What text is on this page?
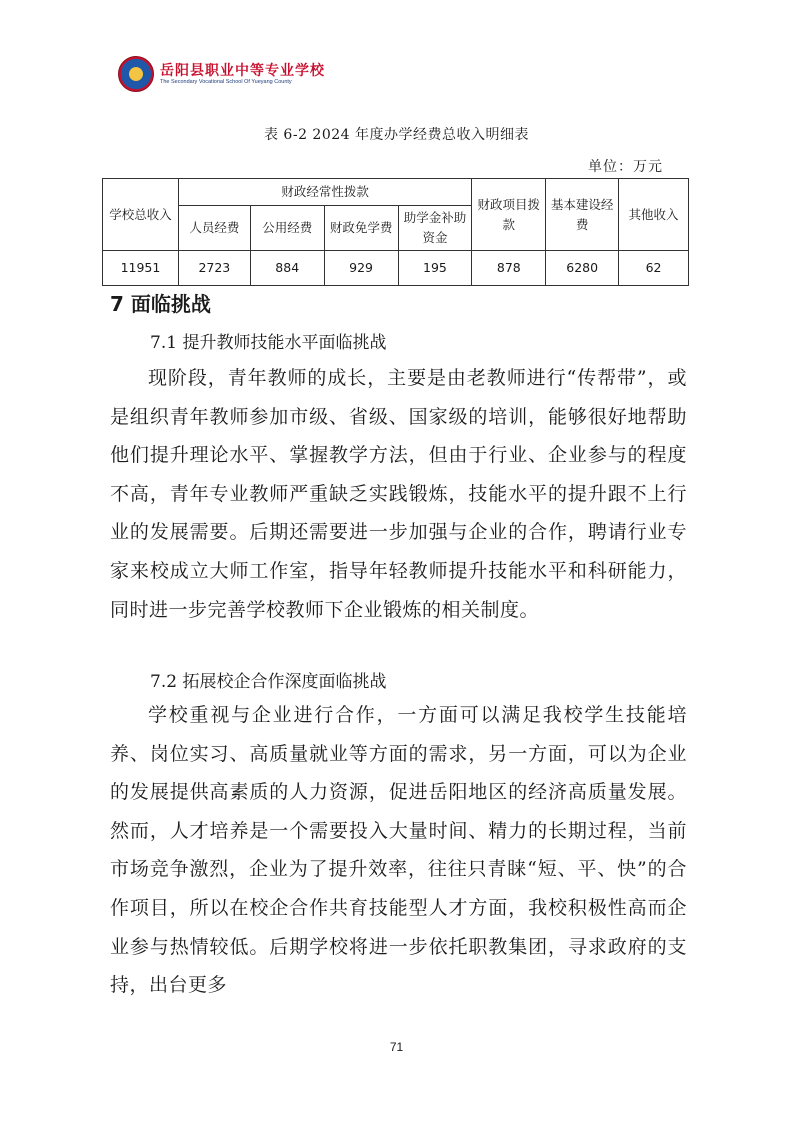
岳阳县职业中等专业学校
The Secondary Vocational School Of Yueyang County
表 6-2 2024 年度办学经费总收入明细表
单位：万元
学校总收入	财政经常性拨款				财政项目拨款	基本建设经费	其他收入
	人员经费	公用经费	财政免学费	助学金补助资金			
11951	2723	884	929	195	878	6280	62
7 面临挑战
7.1 提升教师技能水平面临挑战

现阶段，青年教师的成长，主要是由老教师进行“传帮带”，或是组织青年教师参加市级、省级、国家级的培训，能够很好地帮助他们提升理论水平、掌握教学方法，但由于行业、企业参与的程度不高，青年专业教师严重缺乏实践锻炼，技能水平的提升跟不上行业的发展需要。后期还需要进一步加强与企业的合作，聘请行业专家来校成立大师工作室，指导年轻教师提升技能水平和科研能力，同时进一步完善学校教师下企业锻炼的相关制度。

7.2 拓展校企合作深度面临挑战

学校重视与企业进行合作，一方面可以满足我校学生技能培养、岗位实习、高质量就业等方面的需求，另一方面，可以为企业的发展提供高素质的人力资源，促进岳阳地区的经济高质量发展。然而，人才培养是一个需要投入大量时间、精力的长期过程，当前市场竞争激烈，企业为了提升效率，往往只青睐“短、平、快”的合作项目，所以在校企合作共育技能型人才方面，我校积极性高而企业参与热情较低。后期学校将进一步依托职教集团，寻求政府的支持，出台更多

71
